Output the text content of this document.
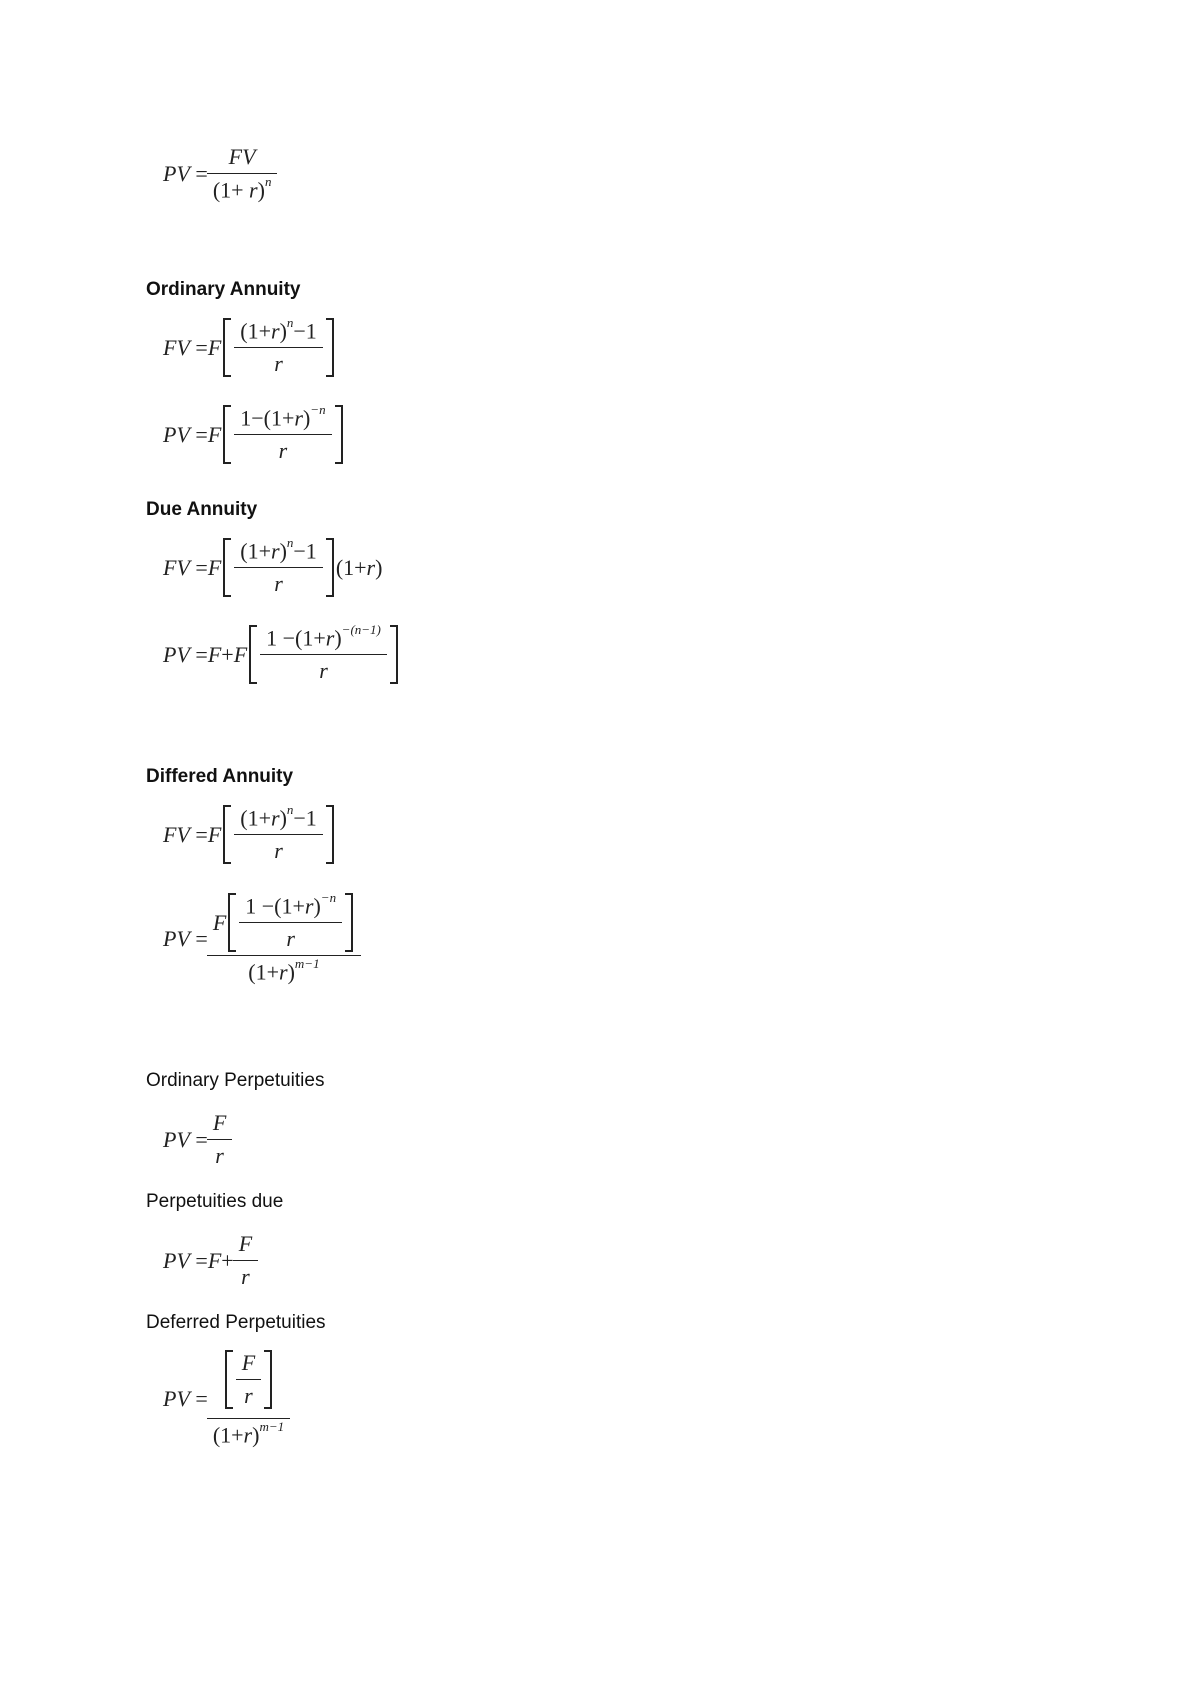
PV = $\frac{FV}{(1+ r)^n}$
Ordinary Annuity
FV = F $\frac{(1+r)^n-1}{r}$
PV = F $\frac{1-(1+r)^{-n}}{r}$
Due Annuity
FV = F $\frac{(1+r)^n-1}{r} (1+ r$ )
PV = F + F $\frac{1 -(1+r)^{-(n-1)}}{r}$
Differed Annuity
FV = F $\frac{(1+r)^n-1}{r}$
PV =
F $\frac{1 -(1+r)^{-n}}{r}$
$(1+r)^{m-1}$
Ordinary Perpetuities
PV = $\frac{F}{r}$
Perpetuities due
PV = $F + \frac{F}{r}$
Deferred Perpetuities
PV = $\frac{\frac{F}{r}}{(1+r)^{m-1}}$
